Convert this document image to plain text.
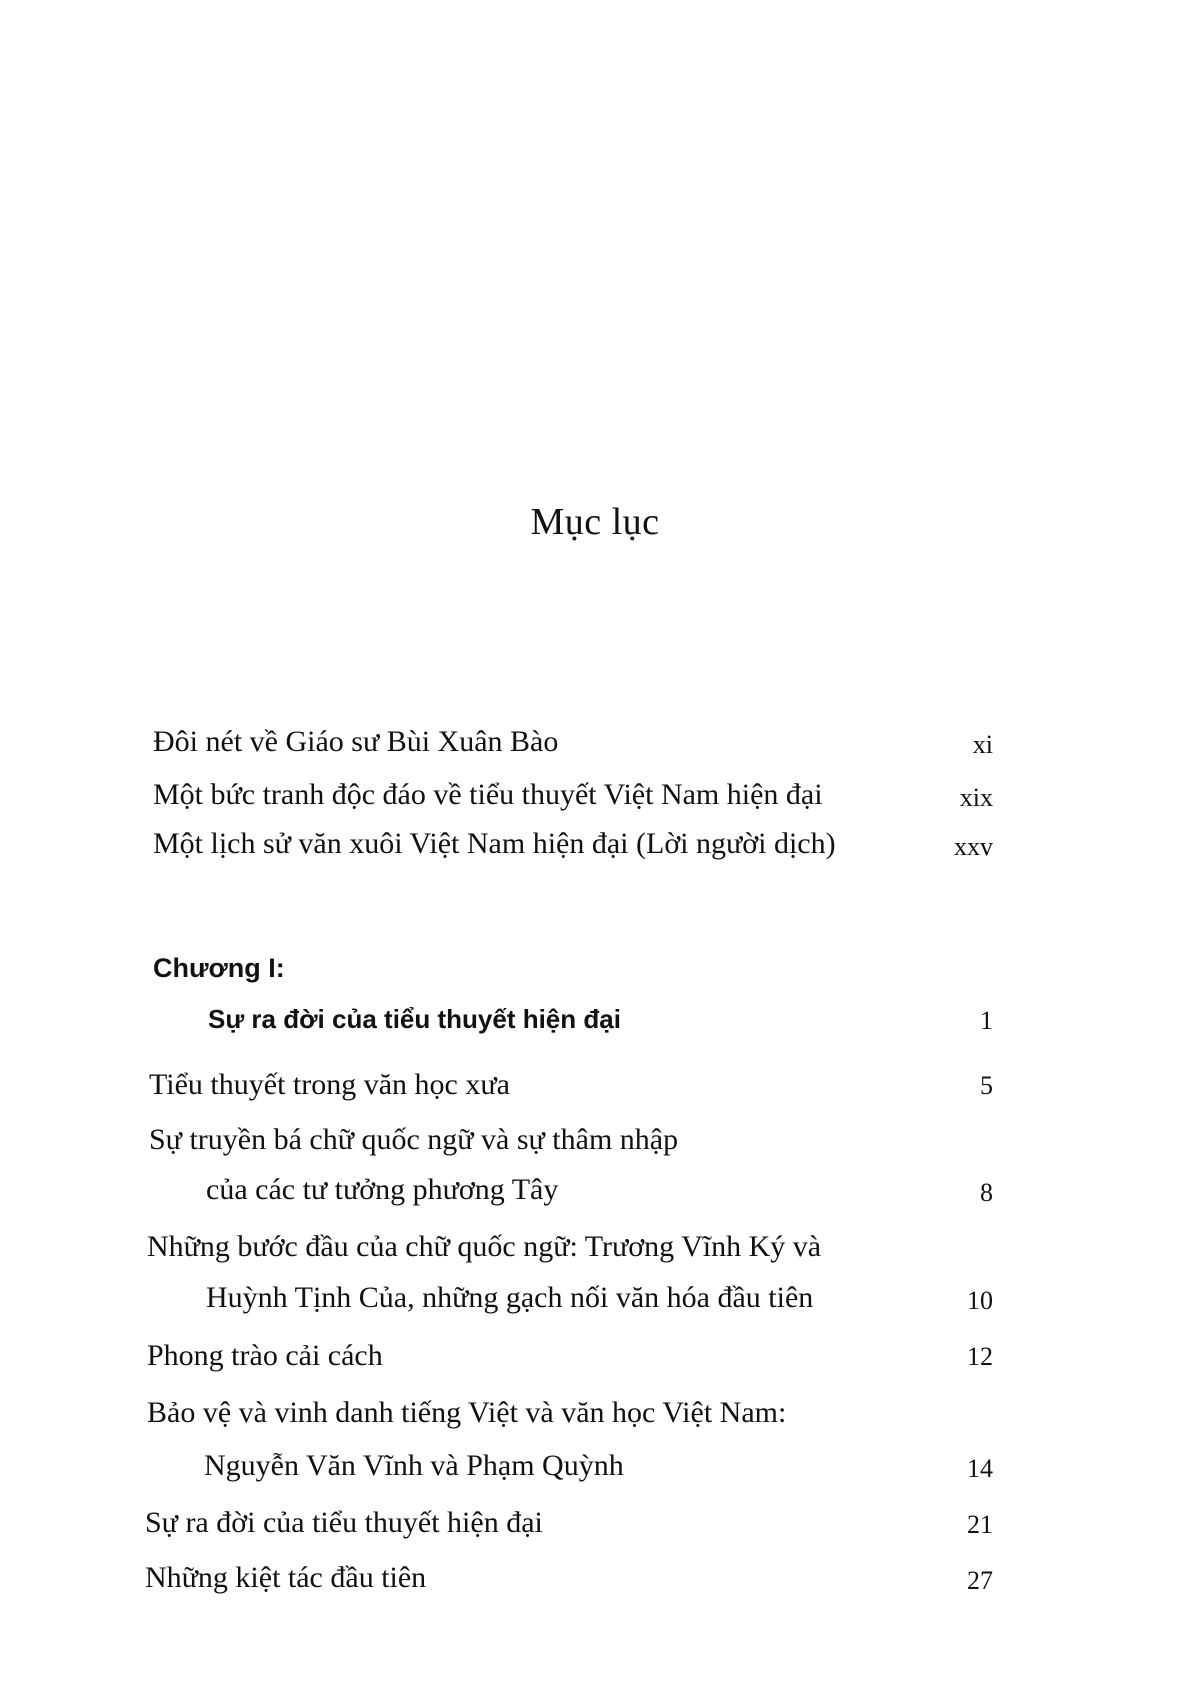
Mục lục
Đôi nét về Giáo sư Bùi Xuân Bào	xi
Một bức tranh độc đáo về tiểu thuyết Việt Nam hiện đại	xix
Một lịch sử văn xuôi Việt Nam hiện đại (Lời người dịch)	xxv
Chương I:
Sự ra đời của tiểu thuyết hiện đại	1
Tiểu thuyết trong văn học xưa	5
Sự truyền bá chữ quốc ngữ và sự thâm nhập
của các tư tưởng phương Tây	8
Những bước đầu của chữ quốc ngữ: Trương Vĩnh Ký và
Huỳnh Tịnh Của, những gạch nối văn hóa đầu tiên	10
Phong trào cải cách	12
Bảo vệ và vinh danh tiếng Việt và văn học Việt Nam:
Nguyễn Văn Vĩnh và Phạm Quỳnh	14
Sự ra đời của tiểu thuyết hiện đại	21
Những kiệt tác đầu tiên	27
